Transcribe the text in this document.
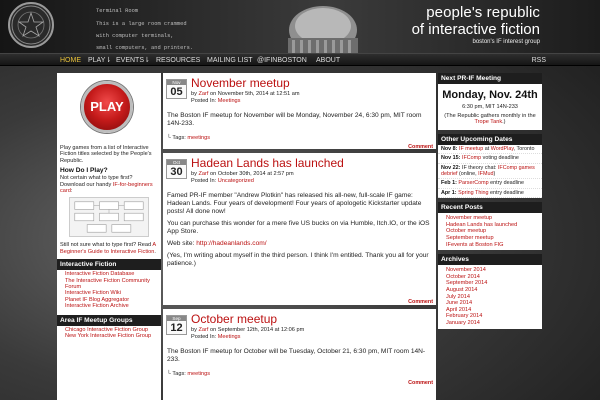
Terminal Room

This is a large room crammed

with computer terminals,

small computers, and printers.

people's republic
of interactive fiction
boston's IF interest group
HOME PLAY⇂ EVENTS⇂ RESOURCES MAILING LIST @IFINBOSTON ABOUT	RSS
PLAY
Play games from a list of Interactive Fiction titles selected by the People's Republic.
How Do I Play?
Not certain what to type first? Download our handy IF-for-beginners card:
Still not sure what to type first? Read A Beginner's Guide to Interactive Fiction.
Interactive Fiction
Interactive Fiction Database
The Interactive Fiction Community Forum
Interactive Fiction Wiki
Planet IF Blog Aggregator
Interactive Fiction Archive
Area IF Meetup Groups
Chicago Interactive Fiction Group
New York Interactive Fiction Group
Nov
05
November meetup
by Zarf on November 5th, 2014 at 12:51 am
Posted In: Meetings

The Boston IF meetup for November will be Monday, November 24, 6:30 pm, MIT room 14N-233.

└ Tags: meetings
Comment
Oct
30
Hadean Lands has launched
by Zarf on October 30th, 2014 at 2:57 pm
Posted In: Uncategorized

Famed PR-IF member "Andrew Plotkin" has released his all-new, full-scale IF game: Hadean Lands. Four years of development! Four years of apologetic Kickstarter update posts! All done now!

You can purchase this wonder for a mere five US bucks on via Humble, Itch.IO, or the iOS App Store.

Web site: http://hadeanlands.com/

(Yes, I'm writing about myself in the third person. I think I'm entitled. Thank you all for your patience.)

Comment
Sep
12
October meetup
by Zarf on September 12th, 2014 at 12:06 pm
Posted In: Meetings

The Boston IF meetup for October will be Tuesday, October 21, 6:30 pm, MIT room 14N-233.

└ Tags: meetings
Comment
Next PR-IF Meeting
Monday, Nov. 24th
6:30 pm, MIT 14N-233
(The Republic gathers monthly in the Trope Tank.)
Other Upcoming Dates
Nov 8: IF meetup at WordPlay, Toronto
Nov 15: IFComp voting deadline
Nov 22: IF theory chat: IFComp games debrief (online, IFMud)
Feb 1: ParserComp entry deadline
Apr 1: Spring Thing entry deadline
Recent Posts
November meetup
Hadean Lands has launched
October meetup
September meetup
IFevents at Boston FIG
Archives
November 2014
October 2014
September 2014
August 2014
July 2014
June 2014
April 2014
February 2014
January 2014
